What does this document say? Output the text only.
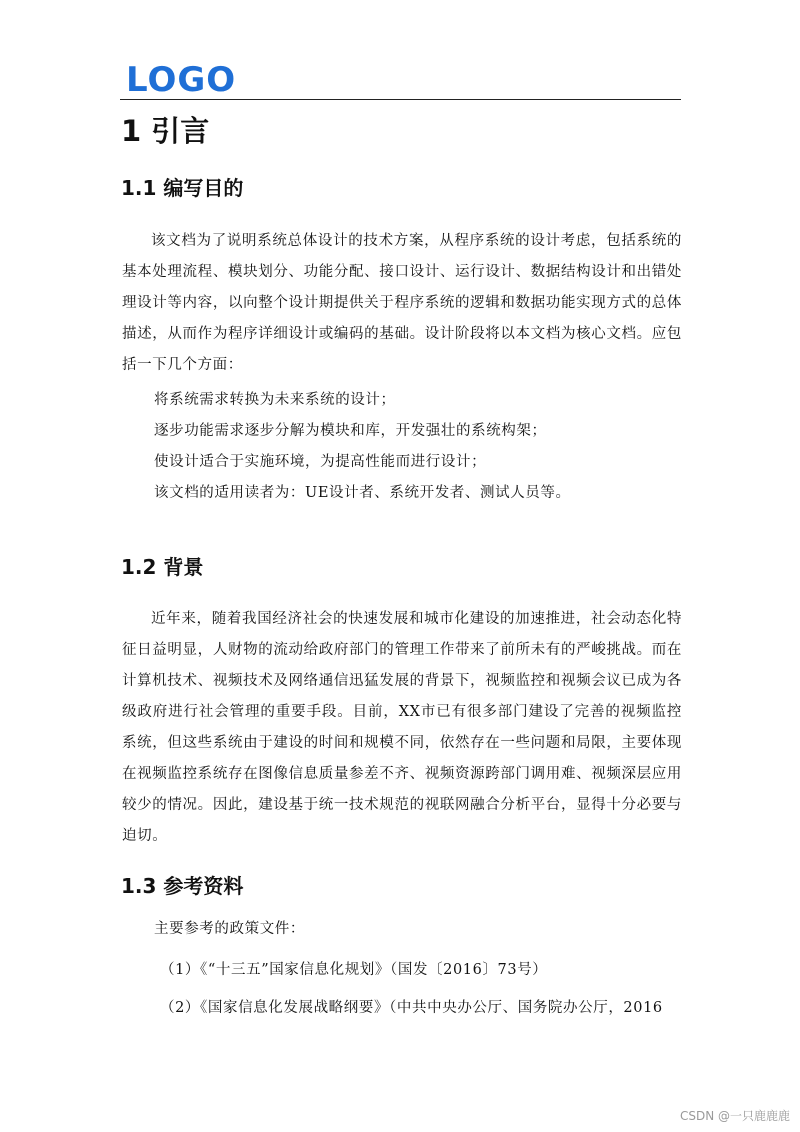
LOGO
1 引言
1.1 编写目的

该文档为了说明系统总体设计的技术方案，从程序系统的设计考虑，包括系统的基本处理流程、模块划分、功能分配、接口设计、运行设计、数据结构设计和出错处理设计等内容，以向整个设计期提供关于程序系统的逻辑和数据功能实现方式的总体描述，从而作为程序详细设计或编码的基础。设计阶段将以本文档为核心文档。应包括一下几个方面：

将系统需求转换为未来系统的设计；

逐步功能需求逐步分解为模块和库，开发强壮的系统构架；

使设计适合于实施环境，为提高性能而进行设计；

该文档的适用读者为：UE设计者、系统开发者、测试人员等。

1.2 背景

近年来，随着我国经济社会的快速发展和城市化建设的加速推进，社会动态化特征日益明显，人财物的流动给政府部门的管理工作带来了前所未有的严峻挑战。而在计算机技术、视频技术及网络通信迅猛发展的背景下，视频监控和视频会议已成为各级政府进行社会管理的重要手段。目前，XX市已有很多部门建设了完善的视频监控系统，但这些系统由于建设的时间和规模不同，依然存在一些问题和局限，主要体现在视频监控系统存在图像信息质量参差不齐、视频资源跨部门调用难、视频深层应用较少的情况。因此，建设基于统一技术规范的视联网融合分析平台，显得十分必要与迫切。

1.3 参考资料

主要参考的政策文件：

（1）《“十三五”国家信息化规划》（国发〔2016〕73号）

（2）《国家信息化发展战略纲要》（中共中央办公厅、国务院办公厅，2016

CSDN @一只鹿鹿鹿
